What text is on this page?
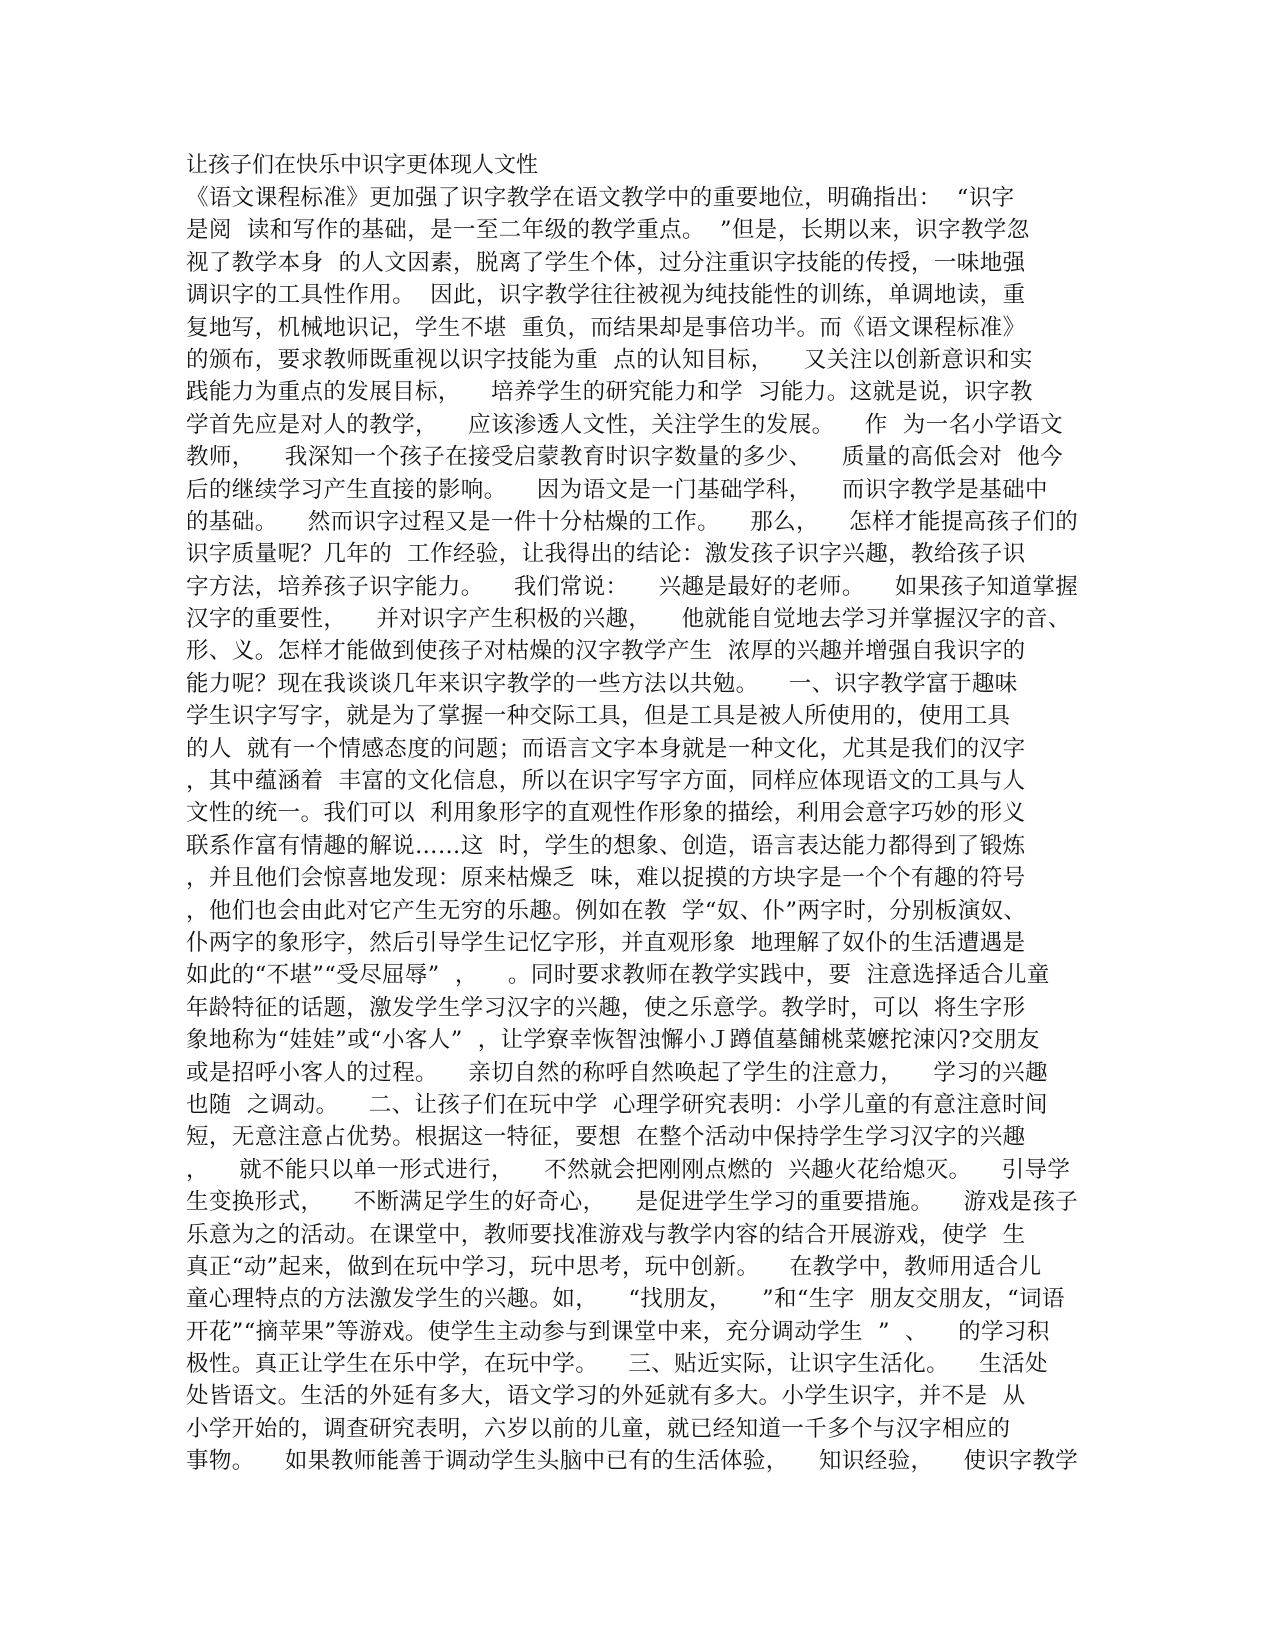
让孩子们在快乐中识字更体现人文性
《语文课程标准》更加强了识字教学在语文教学中的重要地位，明确指出：  “识字
是阅  读和写作的基础，是一至二年级的教学重点。  ”但是，长期以来，识字教学忽
视了教学本身  的人文因素，脱离了学生个体，过分注重识字技能的传授，一味地强
调识字的工具性作用。  因此，识字教学往往被视为纯技能性的训练，单调地读，重
复地写，机械地识记，学生不堪  重负，而结果却是事倍功半。而《语文课程标准》
的颁布，要求教师既重视以识字技能为重  点的认知目标，    又关注以创新意识和实
践能力为重点的发展目标，    培养学生的研究能力和学  习能力。这就是说，识字教
学首先应是对人的教学，    应该渗透人文性，关注学生的发展。    作  为一名小学语文
教师，    我深知一个孩子在接受启蒙教育时识字数量的多少、    质量的高低会对  他今
后的继续学习产生直接的影响。    因为语文是一门基础学科，    而识字教学是基础中
的基础。    然而识字过程又是一件十分枯燥的工作。    那么，    怎样才能提高孩子们的
识字质量呢？几年的  工作经验，让我得出的结论：激发孩子识字兴趣，教给孩子识
字方法，培养孩子识字能力。    我们常说：    兴趣是最好的老师。    如果孩子知道掌握
汉字的重要性，    并对识字产生积极的兴趣，    他就能自觉地去学习并掌握汉字的音、
形、义。怎样才能做到使孩子对枯燥的汉字教学产生  浓厚的兴趣并增强自我识字的
能力呢？现在我谈谈几年来识字教学的一些方法以共勉。    一、识字教学富于趣味
学生识字写字，就是为了掌握一种交际工具，但是工具是被人所使用的，使用工具
的人  就有一个情感态度的问题；而语言文字本身就是一种文化，尤其是我们的汉字
，其中蕴涵着  丰富的文化信息，所以在识字写字方面，同样应体现语文的工具与人
文性的统一。我们可以  利用象形字的直观性作形象的描绘，利用会意字巧妙的形义
联系作富有情趣的解说……这  时，学生的想象、创造，语言表达能力都得到了锻炼
，并且他们会惊喜地发现：原来枯燥乏  味，难以捉摸的方块字是一个个有趣的符号
，他们也会由此对它产生无穷的乐趣。例如在教  学“奴、仆”两字时，分别板演奴、
仆两字的象形字，然后引导学生记忆字形，并直观形象  地理解了奴仆的生活遭遇是
如此的“不堪”“受尽屈辱”  ，    。同时要求教师在教学实践中，要  注意选择适合儿童
年龄特征的话题，激发学生学习汉字的兴趣，使之乐意学。教学时，可以  将生字形
象地称为“娃娃”或“小客人”  ，让学寮幸恢智浊懈小Ｊ蹲值墓餔桃菜嬷拕涑闪?交朋友
或是招呼小客人的过程。    亲切自然的称呼自然唤起了学生的注意力，    学习的兴趣
也随  之调动。    二、让孩子们在玩中学  心理学研究表明：小学儿童的有意注意时间
短，无意注意占优势。根据这一特征，要想  在整个活动中保持学生学习汉字的兴趣
，    就不能只以单一形式进行，    不然就会把刚刚点燃的  兴趣火花给熄灭。    引导学
生变换形式，    不断满足学生的好奇心，    是促进学生学习的重要措施。    游戏是孩子
乐意为之的活动。在课堂中，教师要找准游戏与教学内容的结合开展游戏，使学  生
真正“动”起来，做到在玩中学习，玩中思考，玩中创新。    在教学中，教师用适合儿
童心理特点的方法激发学生的兴趣。如，    “找朋友，    ”和“生字  朋友交朋友，“词语
开花”“摘苹果”等游戏。使学生主动参与到课堂中来，充分调动学生  ”  、    的学习积
极性。真正让学生在乐中学，在玩中学。    三、贴近实际，让识字生活化。    生活处
处皆语文。生活的外延有多大，语文学习的外延就有多大。小学生识字，并不是  从
小学开始的，调查研究表明，六岁以前的儿童，就已经知道一千多个与汉字相应的
事物。    如果教师能善于调动学生头脑中已有的生活体验，    知识经验，    使识字教学
